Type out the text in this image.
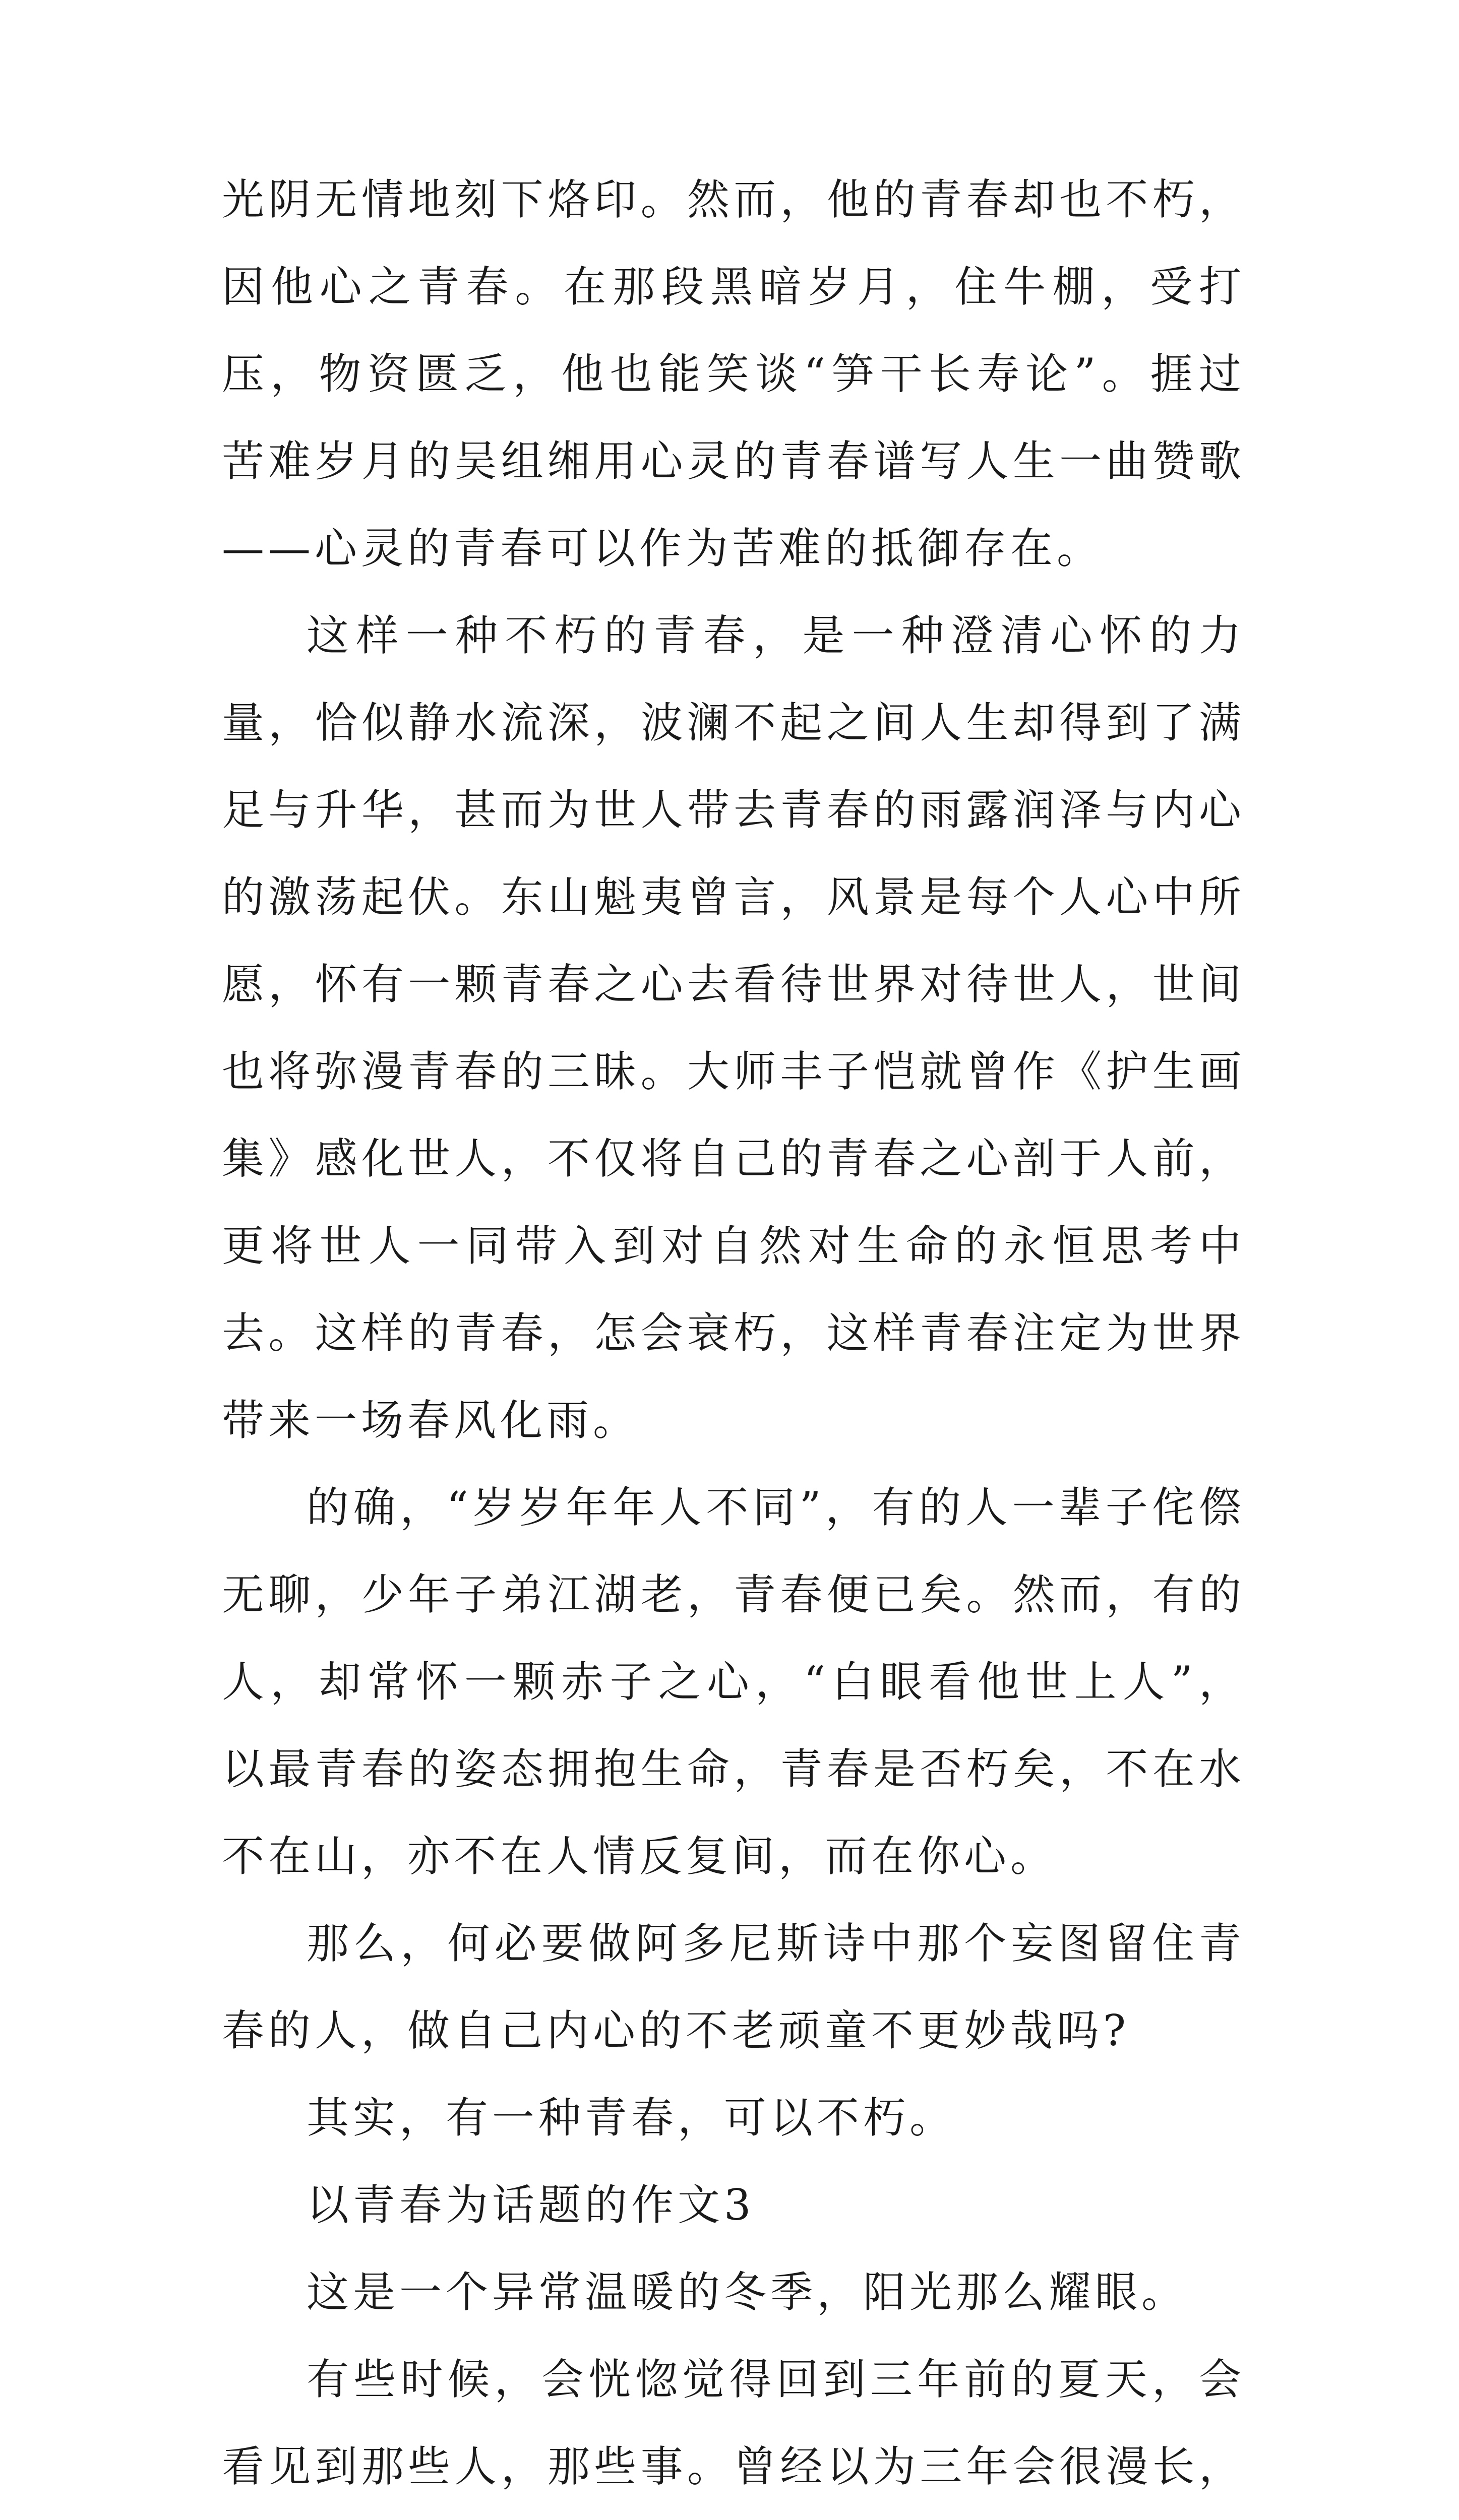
光阴无情地刻下烙印。然而，他的青春却也不朽，因他心之青春。在那段黑暗岁月，住牛棚，受打压，物资匮乏，他也能笑谈“笋干长寿论”。捱过苦难岁月的吴组缃用心灵的青春谱写人生一曲赞歌——心灵的青春可以作为苦难的抵御存在。

这样一种不朽的青春，是一种澄清心怀的力量，恰似静水流深，波澜不起之间人生却得到了满足与升华，甚而为世人带去青春的雨露润泽与内心的激荡起伏。东山魁夷曾言，风景是每个人心中所愿，怀有一颗青春之心去看待世界对待世人，世间也将弥漫青春的三昧。大师丰子恺就曾作《护生画集》感化世人，不仅将自己的青春之心剖于人前，更将世人一同带入到对自然对生命的永恒思考中去。这样的青春，怎会衰朽，这样青春注定为世界带来一场春风化雨。

的确，“岁岁年年人不同”，有的人一辈子侘傺无聊，少年子弟江湖老，青春便已矣。然而，有的人，却常怀一颗赤子之心，“白眼看他世上人”，以最青春的姿态拥抱生命，青春是否朽矣，不在水不在山，亦不在人情反复间，而在你心。

那么，何必要做阿多尼斯诗中那个妄图留住青春的人，做自己内心的不老顽童不更妙哉吗?

其实，有一种青春，可以不朽。

以青春为话题的作文3

这是一个异常温暖的冬季，阳光那么耀眼。

有些时候，会恍惚觉得回到三年前的夏天，会看见到那些人，那些事。曾经以为三年会很漫长，
